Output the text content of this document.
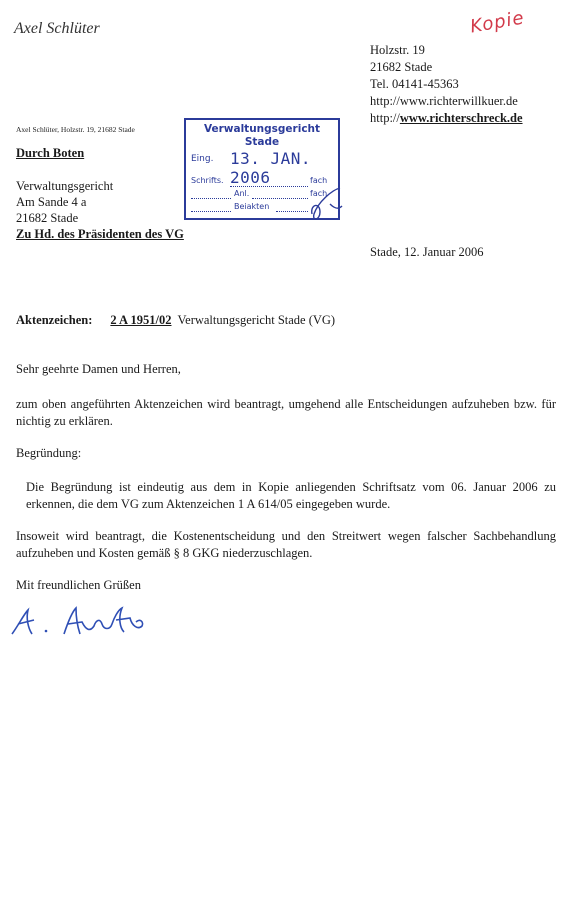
Axel Schlüter	Kopie
Holzstr. 19
21682 Stade
Tel. 04141-45363
http://www.richterwillkuer.de
http://www.richterschreck.de
Axel Schlüter, Holzstr. 19, 21682 Stade	Verwaltungsgericht
Stade
Eing. 13. JAN. 2006
Schrifts.	fach
Anl.	fach
Beiakten
Durch Boten
Verwaltungsgericht
Am Sande 4 a
21682 Stade
Zu Hd. des Präsidenten des VG
Stade, 12. Januar 2006
Aktenzeichen: 2 A 1951/02 Verwaltungsgericht Stade (VG)
Sehr geehrte Damen und Herren,
zum oben angeführten Aktenzeichen wird beantragt, umgehend alle Entscheidungen aufzuheben bzw. für nichtig zu erklären.
Begründung:
Die Begründung ist eindeutig aus dem in Kopie anliegenden Schriftsatz vom 06. Januar 2006 zu erkennen, die dem VG zum Aktenzeichen 1 A 614/05 eingegeben wurde.
Insoweit wird beantragt, die Kostenentscheidung und den Streitwert wegen falscher Sachbehandlung aufzuheben und Kosten gemäß § 8 GKG niederzuschlagen.
Mit freundlichen Grüßen
